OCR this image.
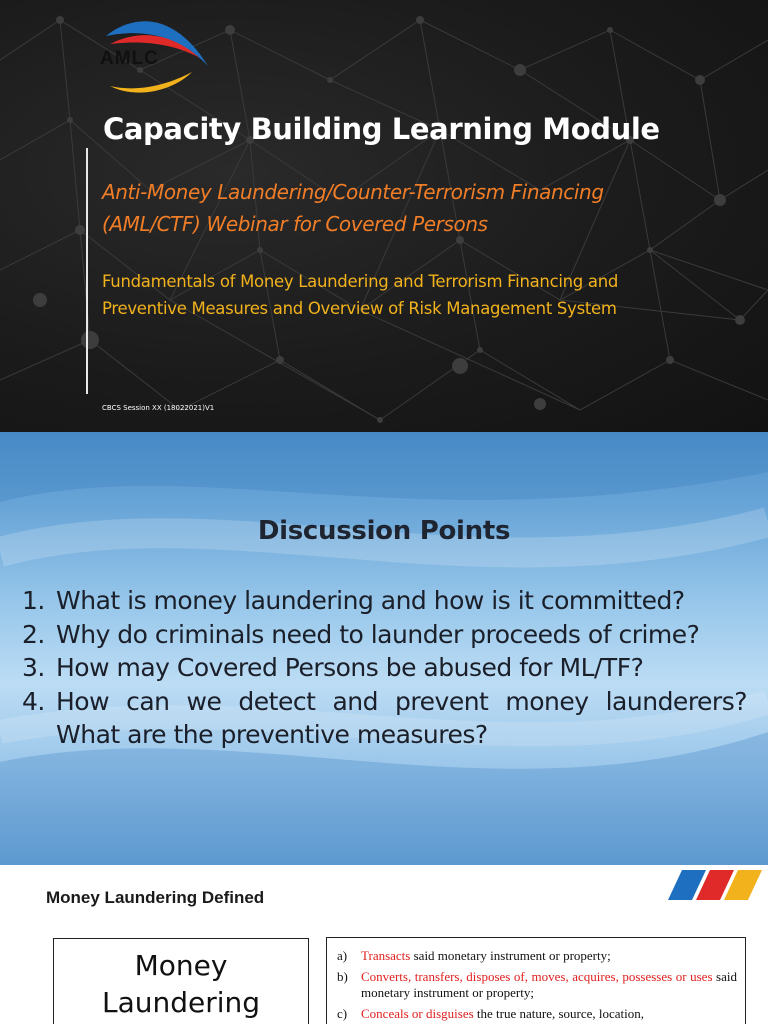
AMLC
Capacity Building Learning Module
Anti-Money Laundering/Counter-Terrorism Financing (AML/CTF) Webinar for Covered Persons
Fundamentals of Money Laundering and Terrorism Financing and Preventive Measures and Overview of Risk Management System
CBCS Session XX (18022021)V1
Discussion Points
1. What is money laundering and how is it committed?
2. Why do criminals need to launder proceeds of crime?
3. How may Covered Persons be abused for ML/TF?
4. How can we detect and prevent money launderers? What are the preventive measures?
Money Laundering Defined
Money
Laundering
a) Transacts said monetary instrument or property;
b) Converts, transfers, disposes of, moves, acquires, possesses or uses said monetary instrument or property;
c) Conceals or disguises the true nature, source, location,
